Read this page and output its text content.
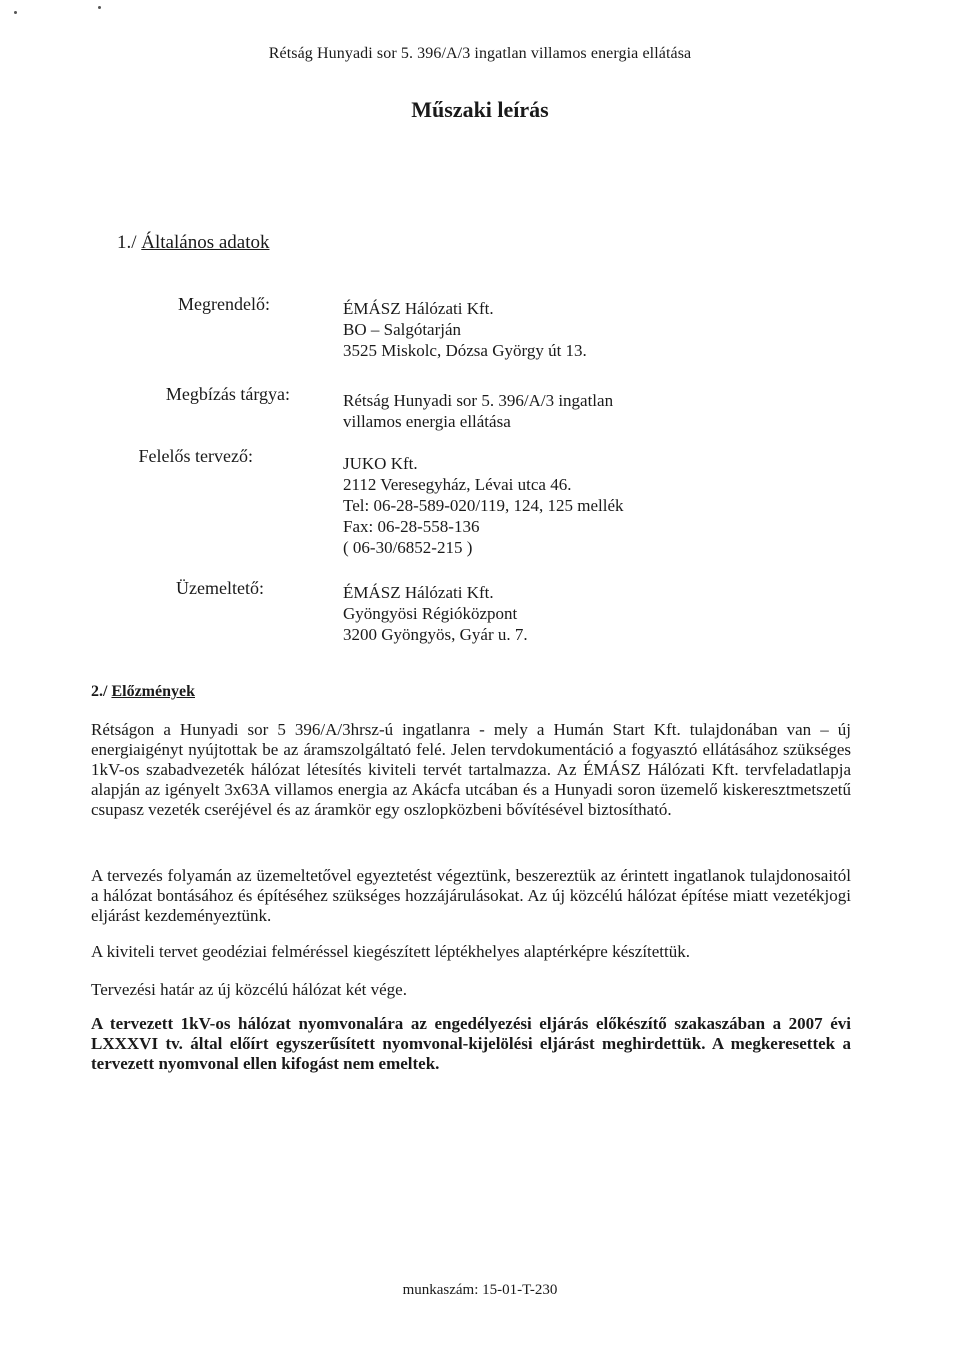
Rétság Hunyadi sor 5. 396/A/3 ingatlan villamos energia ellátása
Műszaki leírás
1./ Általános adatok
Megrendelő:	ÉMÁSZ Hálózati Kft.
BO – Salgótarján
3525 Miskolc, Dózsa György út 13.
Megbízás tárgya:	Rétság Hunyadi sor 5. 396/A/3 ingatlan
villamos energia ellátása
Felelős tervező:	JUKO Kft.
2112 Veresegyház, Lévai utca 46.
Tel: 06-28-589-020/119, 124, 125 mellék
Fax: 06-28-558-136
( 06-30/6852-215 )
Üzemeltető:	ÉMÁSZ Hálózati Kft.
Gyöngyösi Régióközpont
3200 Gyöngyös, Gyár u. 7.
2./ Előzmények
Rétságon a Hunyadi sor 5 396/A/3hrsz-ú ingatlanra - mely a Humán Start Kft. tulajdonában van – új energiaigényt nyújtottak be az áramszolgáltató felé. Jelen tervdokumentáció a fogyasztó ellátásához szükséges 1kV-os szabadvezeték hálózat létesítés kiviteli tervét tartalmazza. Az ÉMÁSZ Hálózati Kft. tervfeladatlapja alapján az igényelt 3x63A villamos energia az Akácfa utcában és a Hunyadi soron üzemelő kiskeresztmetszetű csupasz vezeték cseréjével és az áramkör egy oszlopközbeni bővítésével biztosítható.
A tervezés folyamán az üzemeltetővel egyeztetést végeztünk, beszereztük az érintett ingatlanok tulajdonosaitól a hálózat bontásához és építéséhez szükséges hozzájárulásokat. Az új közcélú hálózat építése miatt vezetékjogi eljárást kezdeményeztünk.
A kiviteli tervet geodéziai felméréssel kiegészített léptékhelyes alaptérképre készítettük.
Tervezési határ az új közcélú hálózat két vége.
A tervezett 1kV-os hálózat nyomvonalára az engedélyezési eljárás előkészítő szakaszában a 2007 évi LXXXVI tv. által előírt egyszerűsített nyomvonal-kijelölési eljárást meghirdettük. A megkeresettek a tervezett nyomvonal ellen kifogást nem emeltek.
munkaszám: 15-01-T-230
